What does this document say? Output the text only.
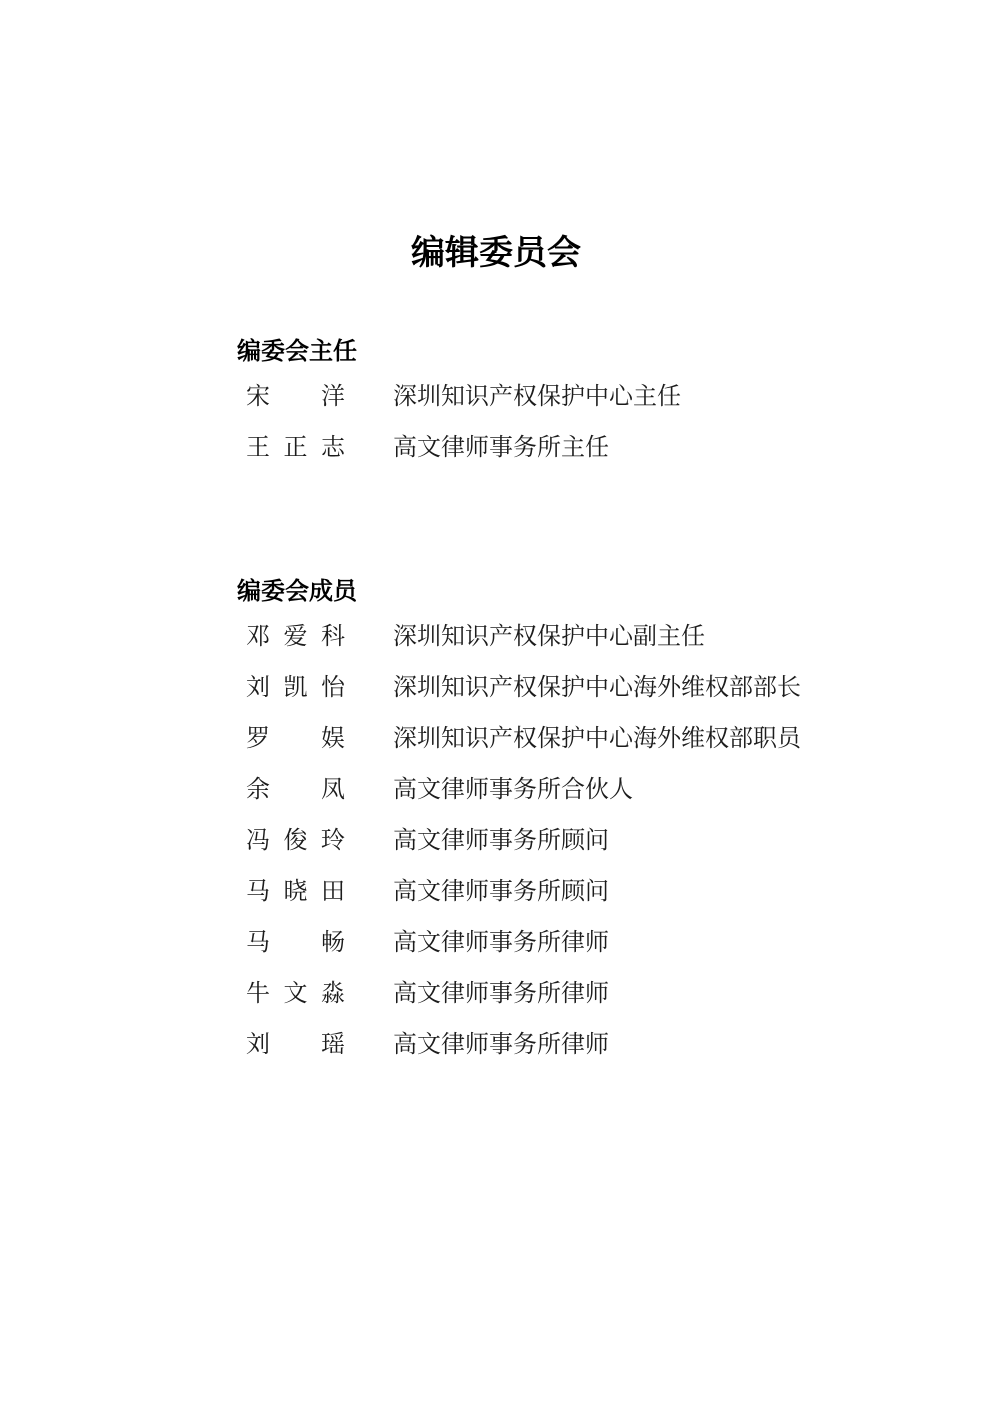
编辑委员会
编委会主任
宋 洋 深圳知识产权保护中心主任
王 正 志 高文律师事务所主任
编委会成员
邓 爱 科 深圳知识产权保护中心副主任
刘 凯 怡 深圳知识产权保护中心海外维权部部长
罗 娱 深圳知识产权保护中心海外维权部职员
余 凤 高文律师事务所合伙人
冯 俊 玲 高文律师事务所顾问
马 晓 田 高文律师事务所顾问
马 畅 高文律师事务所律师
牛 文 淼 高文律师事务所律师
刘 瑶 高文律师事务所律师
